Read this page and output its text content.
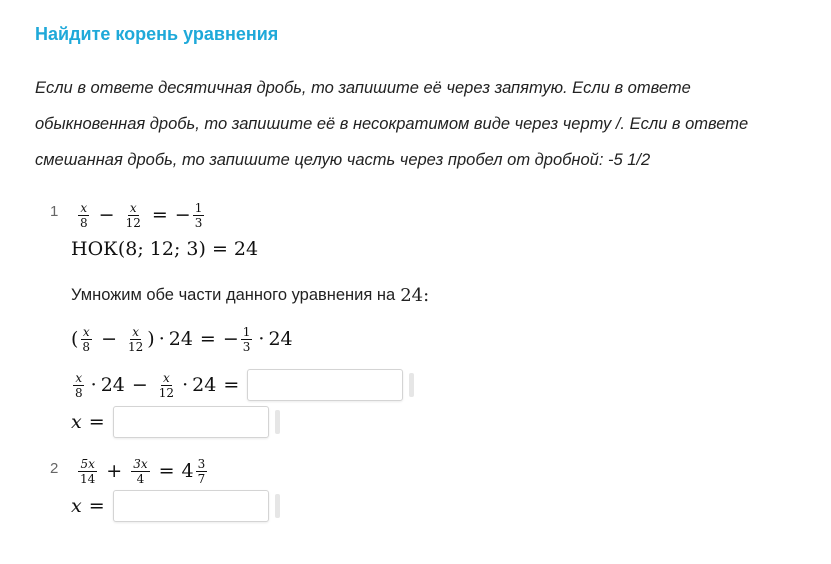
Найдите корень уравнения
Если в ответе десятичная дробь, то запишите её через запятую. Если в ответе
обыкновенная дробь, то запишите её в несократимом виде через черту /. Если в ответе
смешанная дробь, то запишите целую часть через пробел от дробной: -5 1/2
$1 \frac{x}{8} - \frac{x}{12}$ = − $\frac{1}{3}$
НОК(8; 12; 3) = 24
Умножим обе части данного уравнения на 24:
( $\frac{x}{8} - \frac{x}{12}$ ) · 24 = − $\frac{1}{3} \cdot 24$
$\frac{x}{8} \cdot 24 - \frac{x}{12} \cdot 24$ =
x =
$2 \frac{5x}{14} + \frac{3x}{4} = 4 \frac{3}{7}$
x =
